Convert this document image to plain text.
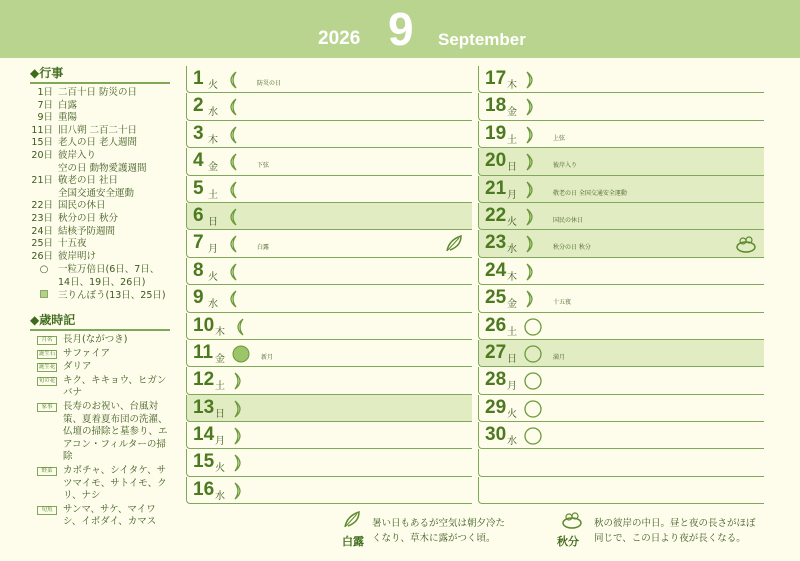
2026 9 September
◆行事
1日 二百十日 防災の日
7日 白露
9日 重陽
11日 旧八朔 二百二十日
15日 老人の日 老人週間
20日 彼岸入り
空の日 動物愛護週間
21日 敬老の日 社日
全国交通安全運動
22日 国民の休日
23日 秋分の日 秋分
24日 結核予防週間
25日 十五夜
26日 彼岸明け
○	一粒万倍日(6日、7日、
14日、19日、26日)
三りんぼう(13日、25日)
◆歳時記
月名	長月(ながつき)
誕生石 サファイア
誕生花 ダリア
旬の花 キク、キキョウ、ヒガンバナ
家事	長寿のお祝い、台風対策、夏着夏布団の洗濯、仏壇の掃除と墓参り、エアコン・フィルターの掃除
野菜	カボチャ、シイタケ、サツマイモ、サトイモ、クリ、ナシ
旬魚	サンマ、サケ、マイワシ、イボダイ、カマス
1 火	防災の日
2 水
3 木
4 金	下弦
5 土
6 日
7 月	白露
8 火
9 水
10 木
11 金	新月
12 土
13 日
14 月
15 火
16 水
17 木
18 金
19 土	上弦
20 日	彼岸入り
21 月	敬老の日 全国交通安全運動
22 火	国民の休日
23 水	秋分の日 秋分
24 木
25 金	十五夜
26 土
27 日	満月
28 月
29 火
30 水
白露
暑い日もあるが空気は朝夕冷た
くなり、草木に露がつく頃。	秋分
秋の彼岸の中日。昼と夜の長さがほぼ
同じで、この日より夜が長くなる。
